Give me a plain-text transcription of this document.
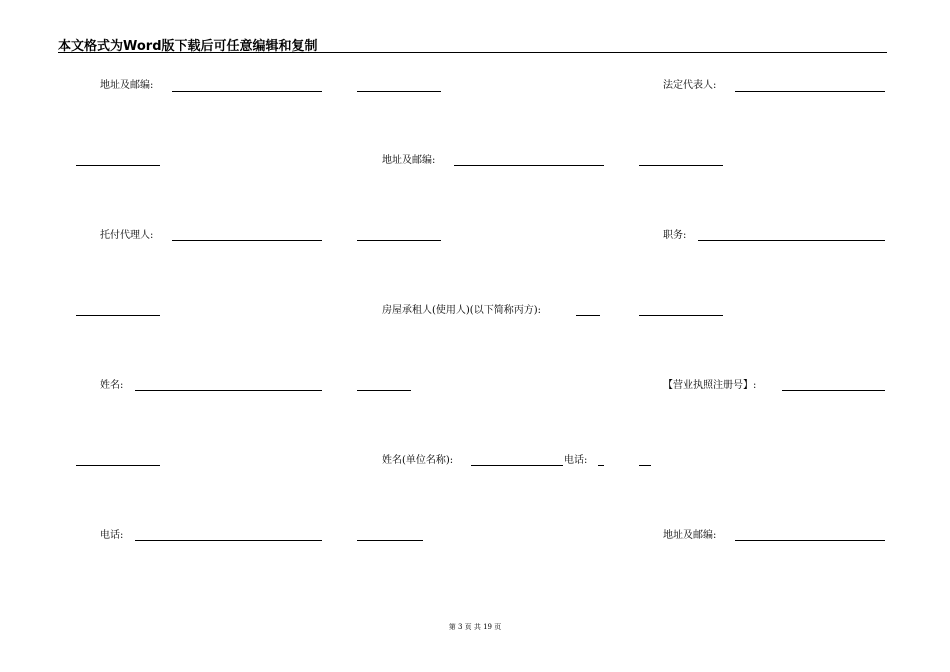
本文格式为Word版下载后可任意编辑和复制
地址及邮编:	法定代表人:
地址及邮编:
托付代理人:	职务:
房屋承租人(使用人)(以下简称丙方):
姓名:	【营业执照注册号】:
姓名(单位名称):	电话:
电话:	地址及邮编:
第 3 页 共 19 页
